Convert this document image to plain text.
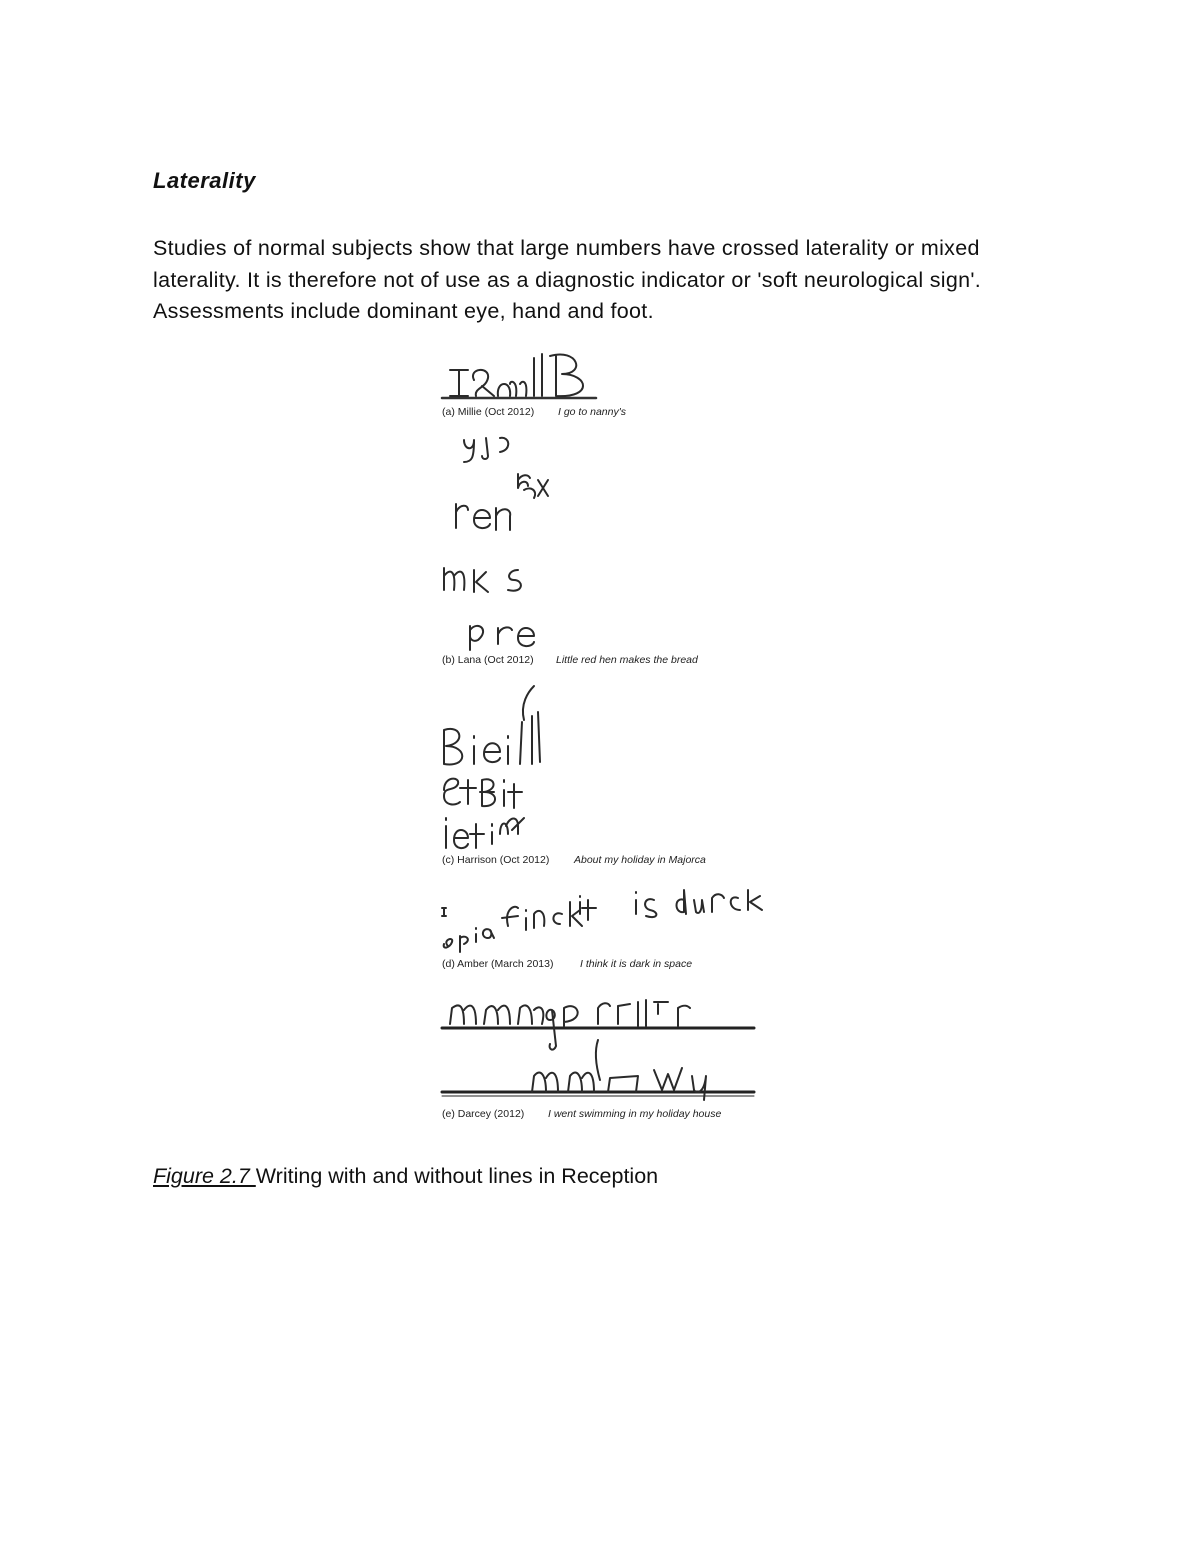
Laterality
Studies of normal subjects show that large numbers have crossed laterality or mixed
laterality. It is therefore not of use as a diagnostic indicator or 'soft neurological sign'.
Assessments include dominant eye, hand and foot.
(a) Millie (Oct 2012) I go to nanny's
(b) Lana (Oct 2012) Little red hen makes the bread
(c) Harrison (Oct 2012) About my holiday in Majorca
(d) Amber (March 2013)	I think it is dark in space
(e) Darcey (2012) I went swimming in my holiday house
Figure 2.7 Writing with and without lines in Reception
